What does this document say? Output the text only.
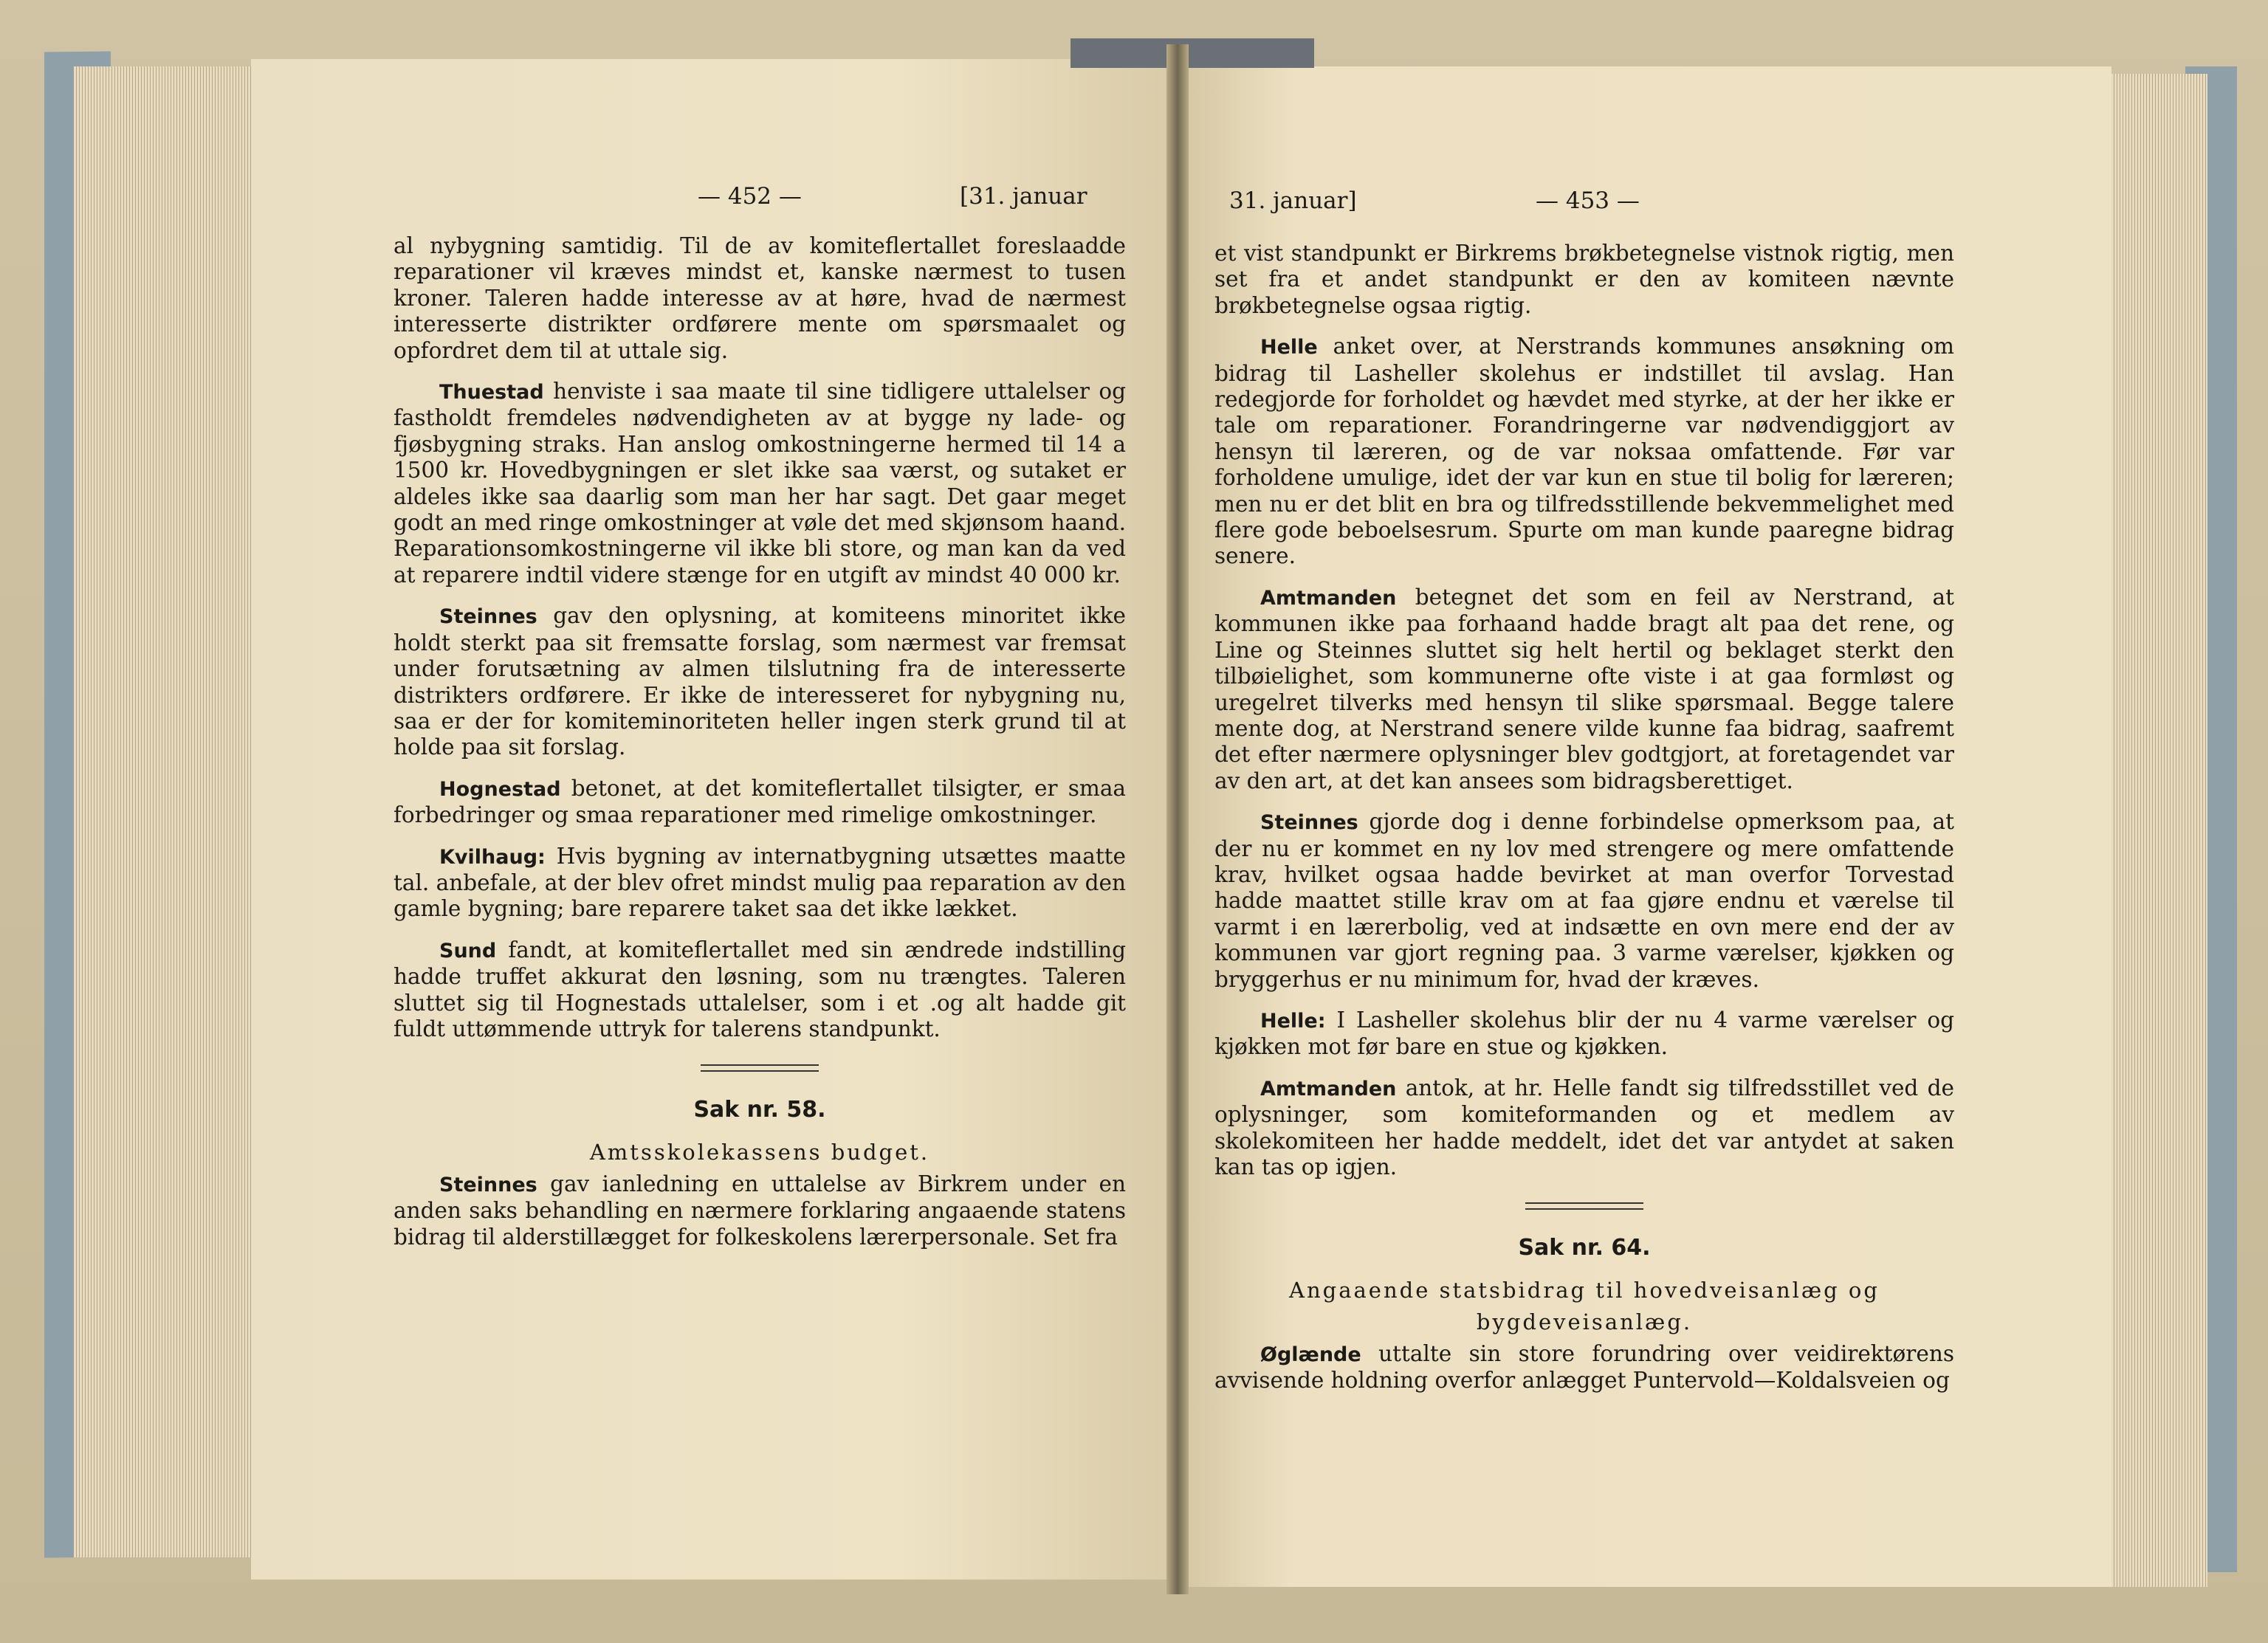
— 452 —	[31. januar	31. januar]	— 453 —

al nybygning samtidig. Til de av komiteflertallet foreslaadde reparationer vil kræves mindst et, kanske nærmest to tusen kroner. Taleren hadde interesse av at høre, hvad de nærmest interesserte distrikter ordførere mente om spørsmaalet og opfordret dem til at uttale sig.

Thuestad henviste i saa maate til sine tidligere uttalelser og fastholdt fremdeles nødvendigheten av at bygge ny lade- og fjøsbygning straks. Han anslog omkostningerne hermed til 14 a 1500 kr. Hovedbygningen er slet ikke saa værst, og sutaket er aldeles ikke saa daarlig som man her har sagt. Det gaar meget godt an med ringe omkostninger at vøle det med skjønsom haand. Reparationsomkostningerne vil ikke bli store, og man kan da ved at reparere indtil videre stænge for en utgift av mindst 40 000 kr.

Steinnes gav den oplysning, at komiteens minoritet ikke holdt sterkt paa sit fremsatte forslag, som nærmest var fremsat under forutsætning av almen tilslutning fra de interesserte distrikters ordførere. Er ikke de interesseret for nybygning nu, saa er der for komiteminoriteten heller ingen sterk grund til at holde paa sit forslag.

Hognestad betonet, at det komiteflertallet tilsigter, er smaa forbedringer og smaa reparationer med rimelige omkostninger.

Kvilhaug: Hvis bygning av internatbygning utsættes maatte tal. anbefale, at der blev ofret mindst mulig paa reparation av den gamle bygning; bare reparere taket saa det ikke lækket.

Sund fandt, at komiteflertallet med sin ændrede indstilling hadde truffet akkurat den løsning, som nu trængtes. Taleren sluttet sig til Hognestads uttalelser, som i et .og alt hadde git fuldt uttømmende uttryk for talerens standpunkt.

Sak nr. 58.
Amtsskolekassens budget.

Steinnes gav ianledning en uttalelse av Birkrem under en anden saks behandling en nærmere forklaring angaaende statens bidrag til alderstillægget for folkeskolens lærerpersonale. Set fra

et vist standpunkt er Birkrems brøkbetegnelse vistnok rigtig, men set fra et andet standpunkt er den av komiteen nævnte brøkbetegnelse ogsaa rigtig.

Helle anket over, at Nerstrands kommunes ansøkning om bidrag til Lasheller skolehus er indstillet til avslag. Han redegjorde for forholdet og hævdet med styrke, at der her ikke er tale om reparationer. Forandringerne var nødvendiggjort av hensyn til læreren, og de var noksaa omfattende. Før var forholdene umulige, idet der var kun en stue til bolig for læreren; men nu er det blit en bra og tilfredsstillende bekvemmelighet med flere gode beboelsesrum. Spurte om man kunde paaregne bidrag senere.

Amtmanden betegnet det som en feil av Nerstrand, at kommunen ikke paa forhaand hadde bragt alt paa det rene, og Line og Steinnes sluttet sig helt hertil og beklaget sterkt den tilbøielighet, som kommunerne ofte viste i at gaa formløst og uregelret tilverks med hensyn til slike spørsmaal. Begge talere mente dog, at Nerstrand senere vilde kunne faa bidrag, saafremt det efter nærmere oplysninger blev godtgjort, at foretagendet var av den art, at det kan ansees som bidragsberettiget.

Steinnes gjorde dog i denne forbindelse opmerksom paa, at der nu er kommet en ny lov med strengere og mere omfattende krav, hvilket ogsaa hadde bevirket at man overfor Torvestad hadde maattet stille krav om at faa gjøre endnu et værelse til varmt i en lærerbolig, ved at indsætte en ovn mere end der av kommunen var gjort regning paa. 3 varme værelser, kjøkken og bryggerhus er nu minimum for, hvad der kræves.

Helle: I Lasheller skolehus blir der nu 4 varme værelser og kjøkken mot før bare en stue og kjøkken.

Amtmanden antok, at hr. Helle fandt sig tilfredsstillet ved de oplysninger, som komiteformanden og et medlem av skolekomiteen her hadde meddelt, idet det var antydet at saken kan tas op igjen.

Sak nr. 64.
Angaaende statsbidrag til hovedveisanlæg og
bygdeveisanlæg.

Øglænde uttalte sin store forundring over veidirektørens avvisende holdning overfor anlægget Puntervold—Koldalsveien og
